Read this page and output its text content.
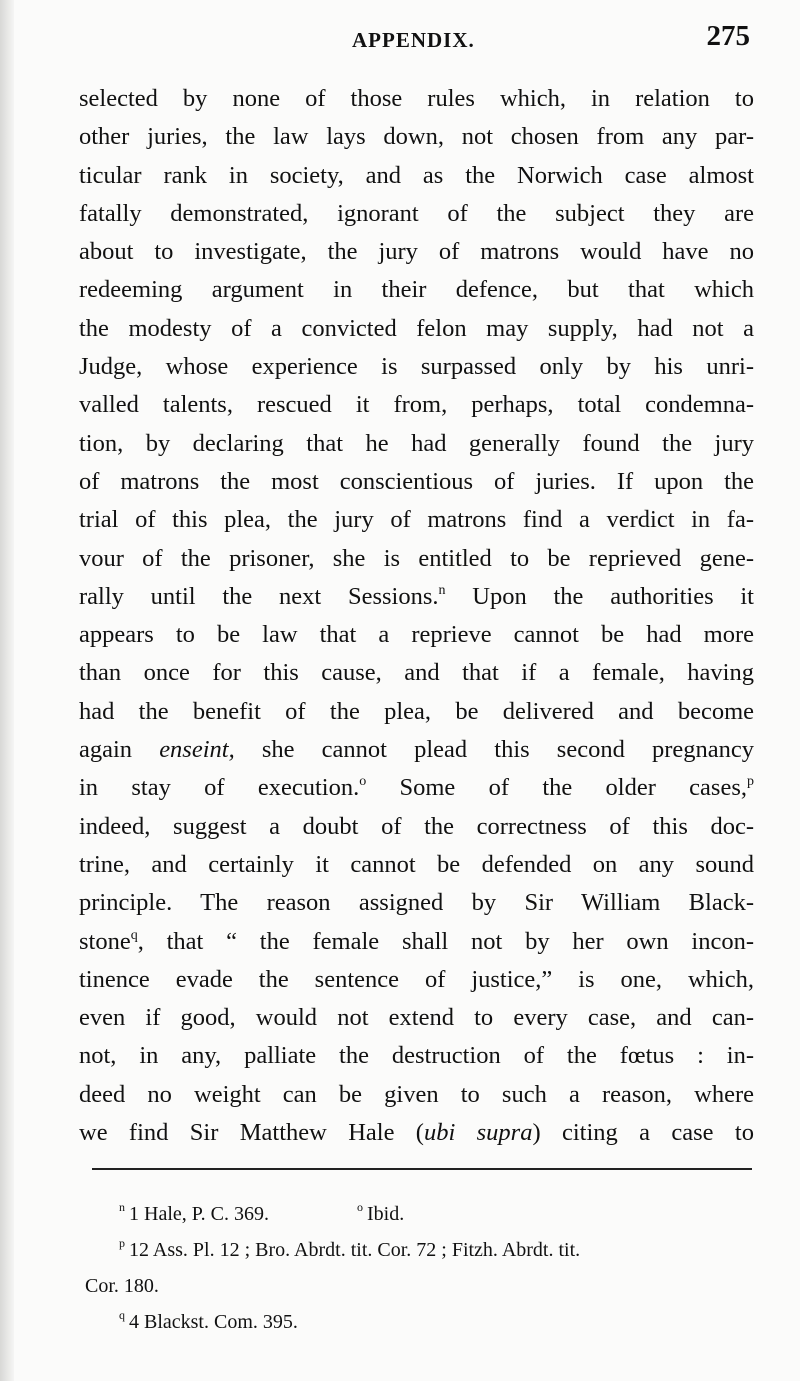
APPENDIX.	275
selected by none of those rules which, in relation to
other juries, the law lays down, not chosen from any par-
ticular rank in society, and as the Norwich case almost
fatally demonstrated, ignorant of the subject they are
about to investigate, the jury of matrons would have no
redeeming argument in their defence, but that which
the modesty of a convicted felon may supply, had not a
Judge, whose experience is surpassed only by his unri-
valled talents, rescued it from, perhaps, total condemna-
tion, by declaring that he had generally found the jury
of matrons the most conscientious of juries. If upon the
trial of this plea, the jury of matrons find a verdict in fa-
vour of the prisoner, she is entitled to be reprieved gene-
rally until the next Sessions.$^n$ Upon the authorities it
appears to be law that a reprieve cannot be had more
than once for this cause, and that if a female, having
had the benefit of the plea, be delivered and become
again enseint, she cannot plead this second pregnancy
in stay of execution.$^o$ Some of the older cases,$^p$
indeed, suggest a doubt of the correctness of this doc-
trine, and certainly it cannot be defended on any sound
principle. The reason assigned by Sir William Black-
stone$^q$, that “ the female shall not by her own incon-
tinence evade the sentence of justice,” is one, which,
even if good, would not extend to every case, and can-
not, in any, palliate the destruction of the fœtus : in-
deed no weight can be given to such a reason, where
we find Sir Matthew Hale (ubi supra) citing a case to
$^n$ 1 Hale, P. C. 369.	$^o$ Ibid.
$^p$ 12 Ass. Pl. 12 ; Bro. Abrdt. tit. Cor. 72 ; Fitzh. Abrdt. tit.
Cor. 180.
$^q$ 4 Blackst. Com. 395.
